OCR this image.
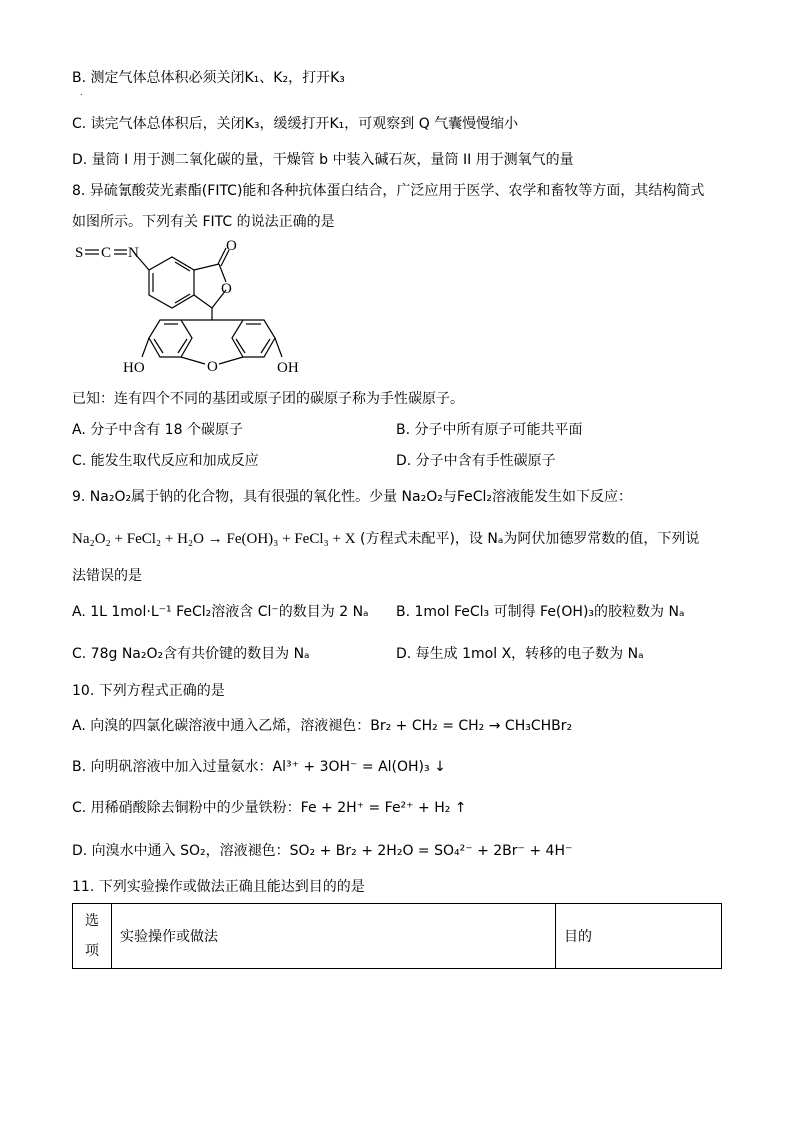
B. 测定气体总体积必须关闭K₁、K₂，打开K₃
.
C. 读完气体总体积后，关闭K₃，缓缓打开K₁，可观察到 Q 气囊慢慢缩小
D. 量筒 I 用于测二氧化碳的量，干燥管 b 中装入碱石灰，量筒 II 用于测氧气的量
8. 异硫氰酸荧光素酯(FITC)能和各种抗体蛋白结合，广泛应用于医学、农学和畜牧等方面，其结构简式
如图所示。下列有关 FITC 的说法正确的是
S C N	O
O
O
HO	OH
已知：连有四个不同的基团或原子团的碳原子称为手性碳原子。
A. 分子中含有 18 个碳原子	B. 分子中所有原子可能共平面
C. 能发生取代反应和加成反应	D. 分子中含有手性碳原子
9. Na₂O₂属于钠的化合物，具有很强的氧化性。少量 Na₂O₂与FeCl₂溶液能发生如下反应：
Na₂O₂ + FeCl₂ + H₂O → Fe(OH)₃ + FeCl₃ + X (方程式未配平)，设 Nₐ为阿伏加德罗常数的值，下列说
法错误的是
A. 1L 1mol·L⁻¹ FeCl₂溶液含 Cl⁻的数目为 2 Nₐ B. 1mol FeCl₃ 可制得 Fe(OH)₃的胶粒数为 Nₐ
C. 78g Na₂O₂含有共价键的数目为 Nₐ	D. 每生成 1mol X，转移的电子数为 Nₐ
10. 下列方程式正确的是
A. 向溴的四氯化碳溶液中通入乙烯，溶液褪色：Br₂ + CH₂ = CH₂ → CH₃CHBr₂
B. 向明矾溶液中加入过量氨水：Al³⁺ + 3OH⁻ = Al(OH)₃ ↓
C. 用稀硝酸除去铜粉中的少量铁粉：Fe + 2H⁺ = Fe²⁺ + H₂ ↑
D. 向溴水中通入 SO₂，溶液褪色：SO₂ + Br₂ + 2H₂O = SO₄²⁻ + 2Br⁻ + 4H⁻
11. 下列实验操作或做法正确且能达到目的的是
选
项
	实验操作或做法	目的
